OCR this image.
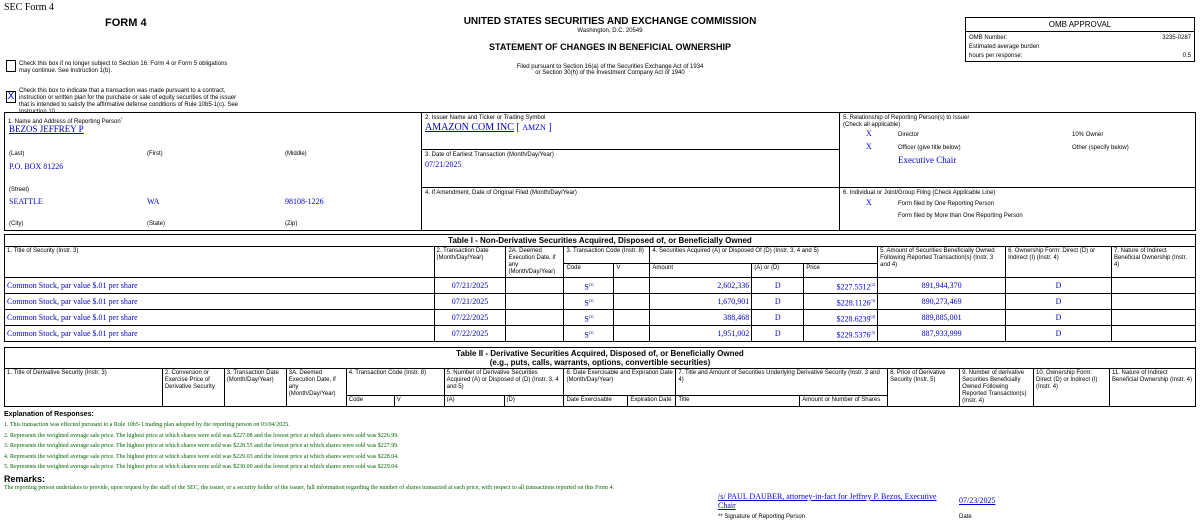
SEC Form 4
FORM 4	UNITED STATES SECURITIES AND EXCHANGE COMMISSION
Washington, D.C. 20549
STATEMENT OF CHANGES IN BENEFICIAL OWNERSHIP
Filed pursuant to Section 16(a) of the Securities Exchange Act of 1934
or Section 30(h) of the Investment Company Act of 1940
OMB APPROVAL
OMB Number:	3235-0287
Estimated average burden
hours per response:	0.5
Check this box if no longer subject to Section 16. Form 4 or Form 5 obligations may continue. See Instruction 1(b).
X Check this box to indicate that a transaction was made pursuant to a contract, instruction or written plan for the purchase or sale of equity securities of the issuer that is intended to satisfy the affirmative defense conditions of Rule 10b5-1(c). See Instruction 10.
1. Name and Address of Reporting Person*
BEZOS JEFFREY P
(Last)	(First)	(Middle)
P.O. BOX 81226
(Street)
SEATTLE	WA	98108-1226
(City)	(State)	(Zip)
2. Issuer Name and Ticker or Trading Symbol
AMAZON COM INC [ AMZN ]
3. Date of Earliest Transaction (Month/Day/Year)
07/21/2025
4. If Amendment, Date of Original Filed (Month/Day/Year)
5. Relationship of Reporting Person(s) to Issuer
(Check all applicable)
X	Director	10% Owner
X	Officer (give title below)	Other (specify below)
Executive Chair
6. Individual or Joint/Group Filing (Check Applicable Line)
X	Form filed by One Reporting Person
Form filed by More than One Reporting Person
Table I - Non-Derivative Securities Acquired, Disposed of, or Beneficially Owned										
1. Title of Security (Instr. 3)	2. Transaction Date (Month/Day/Year)	2A. Deemed Execution Date, if any (Month/Day/Year)	3. Transaction Code (Instr. 8)		4. Securities Acquired (A) or Disposed Of (D) (Instr. 3, 4 and 5)			5. Amount of Securities Beneficially Owned Following Reported Transaction(s) (Instr. 3 and 4)	6. Ownership Form: Direct (D) or Indirect (I) (Instr. 4)	7. Nature of Indirect Beneficial Ownership (Instr. 4)
			Code	V	Amount	(A) or (D)	Price			
Common Stock, par value $.01 per share	07/21/2025		$S^{(1)}$		2,602,336	D	$227.5512$^{(2)}$	891,944,370	D	
Common Stock, par value $.01 per share	07/21/2025		$S^{(1)}$		1,670,901	D	$228.1126$^{(3)}$	890,273,469	D	
Common Stock, par value $.01 per share	07/22/2025		$S^{(1)}$		388,468	D	$228.6239$^{(4)}$	889,885,001	D	
Common Stock, par value $.01 per share	07/22/2025		$S^{(1)}$		1,951,002	D	$229.5376$^{(5)}$	887,933,999	D	
Table II - Derivative Securities Acquired, Disposed of, or Beneficially Owned
(e.g., puts, calls, warrants, options, convertible securities)															

1. Title of Derivative Security (Instr. 3)	2. Conversion or Exercise Price of Derivative Security	3. Transaction Date (Month/Day/Year)	3A. Deemed Execution Date, if any (Month/Day/Year)	4. Transaction Code (Instr. 8)		5. Number of Derivative Securities Acquired (A) or Disposed of (D) (Instr. 3, 4 and 5)		6. Date Exercisable and Expiration Date (Month/Day/Year)		7. Title and Amount of Securities Underlying Derivative Security (Instr. 3 and 4)		8. Price of Derivative Security (Instr. 5)	9. Number of derivative Securities Beneficially Owned Following Reported Transaction(s) (Instr. 4)	10. Ownership Form: Direct (D) or Indirect (I) (Instr. 4)	11. Nature of Indirect Beneficial Ownership (Instr. 4)
				Code	V	(A)	(D)	Date Exercisable	Expiration Date	Title	Amount or Number of Shares				
Explanation of Responses:
1. This transaction was effected pursuant to a Rule 10b5-1 trading plan adopted by the reporting person on 03/04/2025.
2. Represents the weighted average sale price. The highest price at which shares were sold was $227.08 and the lowest price at which shares were sold was $226.99.
3. Represents the weighted average sale price. The highest price at which shares were sold was $228.55 and the lowest price at which shares were sold was $227.99.
4. Represents the weighted average sale price. The highest price at which shares were sold was $229.03 and the lowest price at which shares were sold was $228.04.
5. Represents the weighted average sale price. The highest price at which shares were sold was $230.00 and the lowest price at which shares were sold was $229.04.
Remarks:
The reporting person undertakes to provide, upon request by the staff of the SEC, the issuer, or a security holder of the issuer, full information regarding the number of shares transacted at each price, with respect to all transactions reported on this Form 4.
/s/ PAUL DAUBER, attorney-in-fact for Jeffrey P. Bezos, Executive
Chair
07/23/2025
** Signature of Reporting Person	Date
